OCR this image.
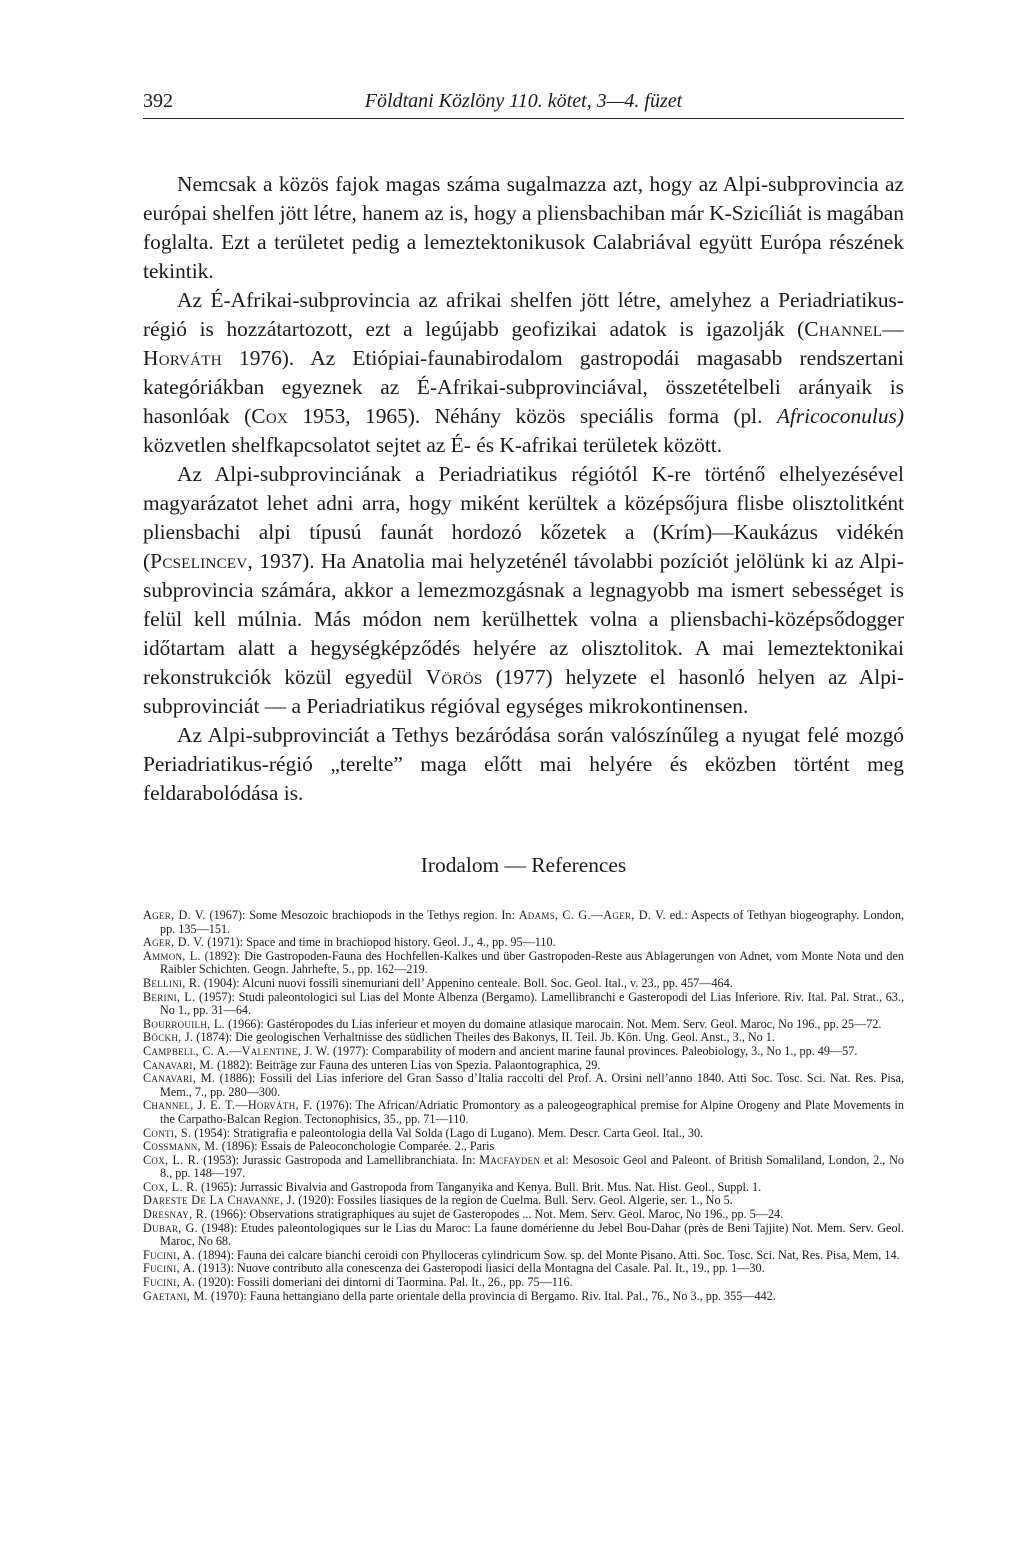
392	Földtani Közlöny 110. kötet, 3—4. füzet

Nemcsak a közös fajok magas száma sugalmazza azt, hogy az Alpi-subprovincia az európai shelfen jött létre, hanem az is, hogy a pliensbachiban már K-Szicíliát is magában foglalta. Ezt a területet pedig a lemeztektonikusok Calabriával együtt Európa részének tekintik.

Az É-Afrikai-subprovincia az afrikai shelfen jött létre, amelyhez a Periadriatikus-régió is hozzátartozott, ezt a legújabb geofizikai adatok is igazolják (Channel—Horváth 1976). Az Etiópiai-faunabirodalom gastropodái magasabb rendszertani kategóriákban egyeznek az É-Afrikai-subprovinciával, összetételbeli arányaik is hasonlóak (Cox 1953, 1965). Néhány közös speciális forma (pl. Africoconulus) közvetlen shelfkapcsolatot sejtet az É- és K-afrikai területek között.

Az Alpi-subprovinciának a Periadriatikus régiótól K-re történő elhelyezésével magyarázatot lehet adni arra, hogy miként kerültek a középsőjura flisbe olisztolitként pliensbachi alpi típusú faunát hordozó kőzetek a (Krím)—Kaukázus vidékén (Pcselincev, 1937). Ha Anatolia mai helyzeténél távolabbi pozíciót jelölünk ki az Alpi-subprovincia számára, akkor a lemezmozgásnak a legnagyobb ma ismert sebességet is felül kell múlnia. Más módon nem kerülhettek volna a pliensbachi-középsődogger időtartam alatt a hegységképződés helyére az olisztolitok. A mai lemeztektonikai rekonstrukciók közül egyedül Vörös (1977) helyzete el hasonló helyen az Alpi-subprovinciát — a Periadriatikus régióval egységes mikrokontinensen.

Az Alpi-subprovinciát a Tethys bezáródása során valószínűleg a nyugat felé mozgó Periadriatikus-régió „terelte” maga előtt mai helyére és eközben történt meg feldarabolódása is.

Irodalom — References
Ager, D. V. (1967): Some Mesozoic brachiopods in the Tethys region. In: Adams, C. G.—Ager, D. V. ed.: Aspects of Tethyan biogeography. London, pp. 135—151.
Ager, D. V. (1971): Space and time in brachiopod history. Geol. J., 4., pp. 95—110.
Ammon, L. (1892): Die Gastropoden-Fauna des Hochfellen-Kalkes und über Gastropoden-Reste aus Ablagerungen von Adnet, vom Monte Nota und den Raibler Schichten. Geogn. Jahrhefte, 5., pp. 162—219.
Bellini, R. (1904): Alcuni nuovi fossili sinemuriani dell’ Appenino centeale. Boll. Soc. Geol. Ital., v. 23., pp. 457—464.
Berini, L. (1957): Studi paleontologici sul Lias del Monte Albenza (Bergamo). Lamellibranchi e Gasteropodi del Lias Inferiore. Riv. Ital. Pal. Strat., 63., No 1., pp. 31—64.
Bourrouilh, L. (1966): Gastéropodes du Lias inferieur et moyen du domaine atlasique marocain. Not. Mem. Serv. Geol. Maroc, No 196., pp. 25—72.
Böckh, J. (1874): Die geologischen Verhaltnisse des südlichen Theiles des Bakonys, II. Teil. Jb. Kön. Ung. Geol. Anst., 3., No 1.
Campbell, C. A.—Valentine, J. W. (1977): Comparability of modern and ancient marine faunal provinces. Paleobiology, 3., No 1., pp. 49—57.
Canavari, M. (1882): Beiträge zur Fauna des unteren Lias von Spezia. Palaontographica, 29.
Canavari, M. (1886): Fossili del Lias inferiore del Gran Sasso d’Italia raccolti del Prof. A. Orsini nell’anno 1840. Atti Soc. Tosc. Sci. Nat. Res. Pisa, Mem., 7., pp. 280—300.
Channel, J. E. T.—Horváth, F. (1976): The African/Adriatic Promontory as a paleogeographical premise for Alpine Orogeny and Plate Movements in the Carpatho-Balcan Region. Tectonophisics, 35., pp. 71—110.
Conti, S. (1954): Stratigrafia e paleontologia della Val Solda (Lago di Lugano). Mem. Descr. Carta Geol. Ital., 30.
Cossmann, M. (1896): Essais de Paleoconchologie Comparée. 2., Paris
Cox, L. R. (1953): Jurassic Gastropoda and Lamellibranchiata. In: Macfayden et al: Mesosoic Geol and Paleont. of British Somaliland, London, 2., No 8., pp. 148—197.
Cox, L. R. (1965): Jurrassic Bivalvia and Gastropoda from Tanganyika and Kenya. Bull. Brit. Mus. Nat. Hist. Geol., Suppl. 1.
Dareste De La Chavanne, J. (1920): Fossiles liasiques de la region de Cuelma. Bull. Serv. Geol. Algerie, ser. 1., No 5.
Dresnay, R. (1966): Observations stratigraphiques au sujet de Gasteropodes ... Not. Mem. Serv. Geol. Maroc, No 196., pp. 5—24.
Dubar, G. (1948): Etudes paleontologiques sur le Lias du Maroc: La faune domérienne du Jebel Bou-Dahar (près de Beni Tajjite) Not. Mem. Serv. Geol. Maroc, No 68.
Fucini, A. (1894): Fauna dei calcare bianchi ceroidi con Phylloceras cylindricum Sow. sp. del Monte Pisano. Atti. Soc. Tosc. Sci. Nat, Res. Pisa, Mem, 14.
Fucini, A. (1913): Nuove contributo alla conescenza dei Gasteropodi liasici della Montagna del Casale. Pal. It., 19., pp. 1—30.
Fucini, A. (1920): Fossili domeriani dei dintorni di Taormina. Pal. It., 26., pp. 75—116.
Gaetani, M. (1970): Fauna hettangiano della parte orientale della provincia di Bergamo. Riv. Ital. Pal., 76., No 3., pp. 355—442.
